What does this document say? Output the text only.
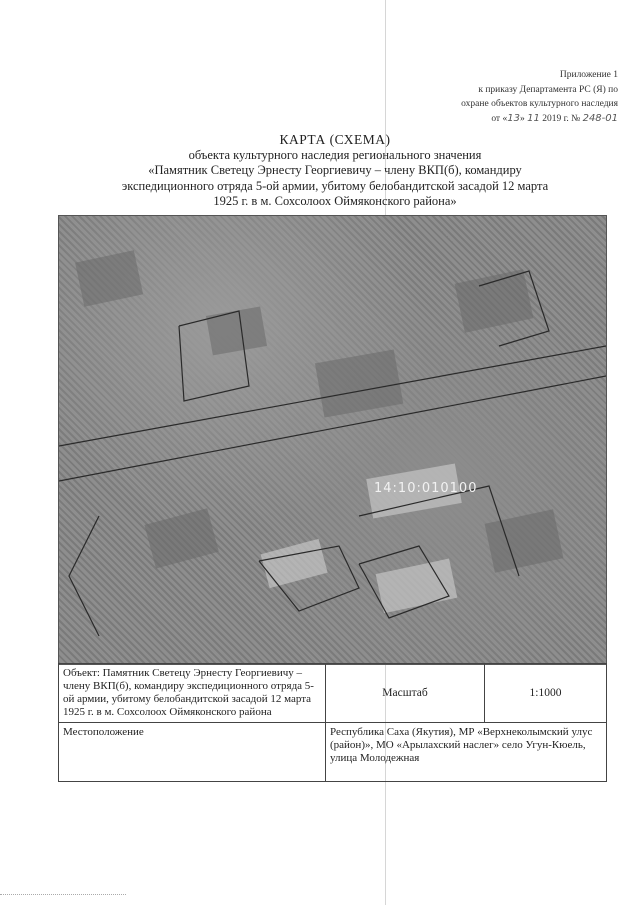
Приложение 1
к приказу Департамента РС (Я) по
охране объектов культурного наследия
от «13» 11 2019 г. № 248-01
КАРТА (СХЕМА)
объекта культурного наследия регионального значения
«Памятник Светецу Эрнесту Георгиевичу – члену ВКП(б), командиру
экспедиционного отряда 5-ой армии, убитому белобандитской засадой 12 марта
1925 г. в м. Сохсолоох Оймяконского района»
14:10:010100
Объект: Памятник Светецу Эрнесту Георгиевичу – члену ВКП(б), командиру экспедиционного отряда 5-ой армии, убитому белобандитской засадой 12 марта 1925 г. в м. Сохсолоох Оймяконского района	Масштаб	1:1000
Местоположение	Республика Саха (Якутия), МР «Верхнеколымский улус (район)», МО «Арылахский наслег» село Угун-Кюель, улица Молодежная	
